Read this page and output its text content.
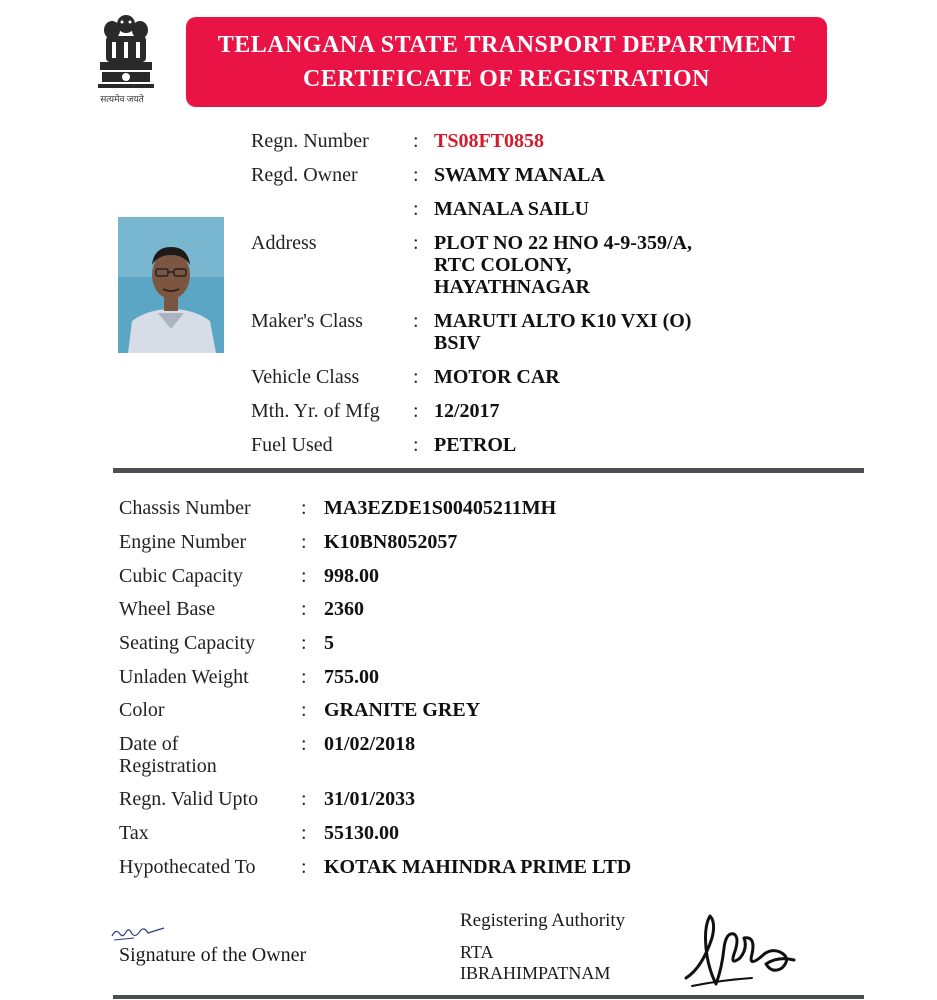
सत्यमेव जयते
TELANGANA STATE TRANSPORT DEPARTMENT
CERTIFICATE OF REGISTRATION
Regn. Number : TS08FT0858
Regd. Owner	: SWAMY MANALA
: MANALA SAILU
Address	: PLOT NO 22 HNO 4-9-359/A,
RTC COLONY,
HAYATHNAGAR
Maker's Class	: MARUTI ALTO K10 VXI (O)
BSIV
Vehicle Class	: MOTOR CAR
Mth. Yr. of Mfg : 12/2017
Fuel Used	: PETROL
Chassis Number	: MA3EZDE1S00405211MH
Engine Number	: K10BN8052057
Cubic Capacity	: 998.00
Wheel Base	: 2360
Seating Capacity	: 5
Unladen Weight	: 755.00
Color	: GRANITE GREY
Date of
Registration
: 01/02/2018
Regn. Valid Upto	: 31/01/2033
Tax	: 55130.00
Hypothecated To	: KOTAK MAHINDRA PRIME LTD
Signature of the Owner
Registering Authority
RTA
IBRAHIMPATNAM
